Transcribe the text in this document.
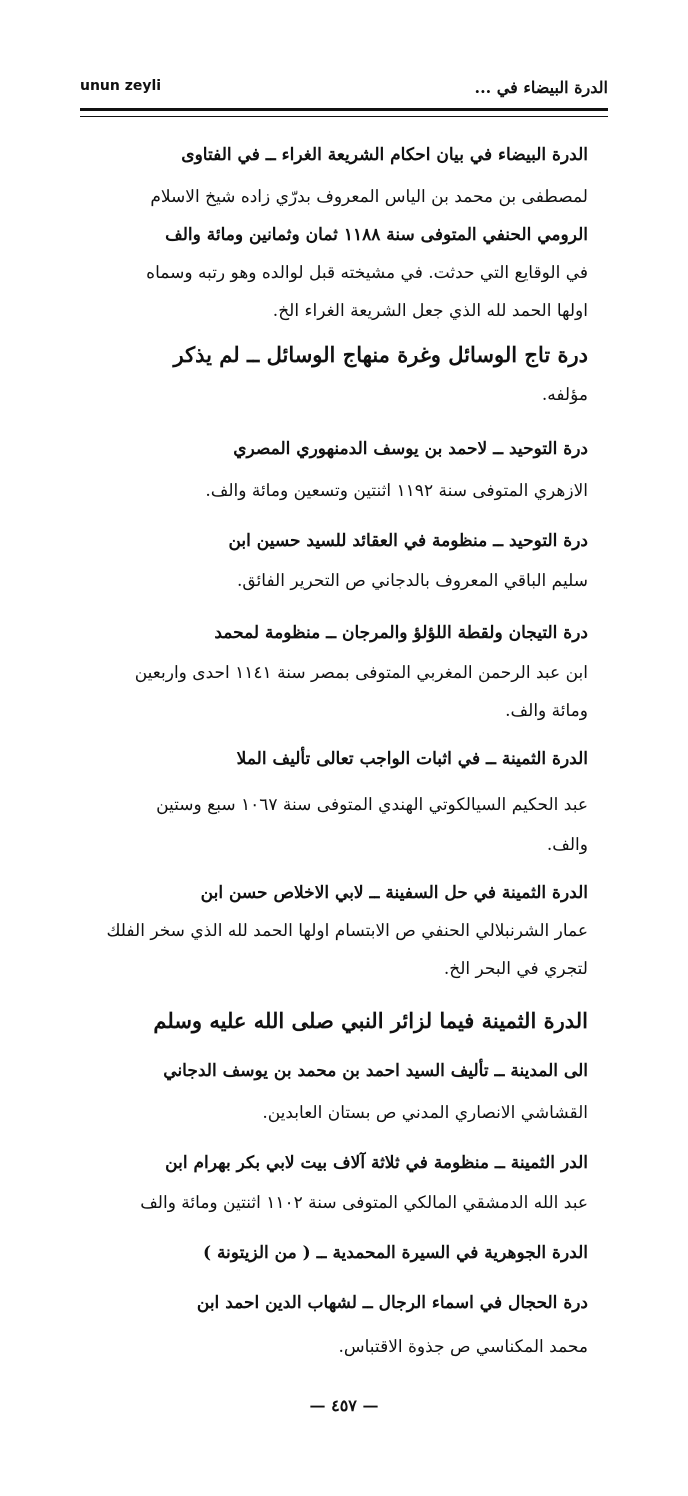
unun zeyli	الدرة البيضاء في ...
الدرة البيضاء في بيان احكام الشريعة الغراء ــ في الفتاوى
لمصطفى بن محمد بن الياس المعروف بدرّي زاده شيخ الاسلام
الرومي الحنفي المتوفى سنة ١١٨٨ ثمان وثمانين ومائة والف
في الوقايع التي حدثت. في مشيخته قبل لوالده وهو رتبه وسماه
اولها الحمد لله الذي جعل الشريعة الغراء الخ.
درة تاج الوسائل وغرة منهاج الوسائل ــ لم يذكر
مؤلفه.
درة التوحيد ــ لاحمد بن يوسف الدمنهوري المصري
الازهري المتوفى سنة ١١٩٢ اثنتين وتسعين ومائة والف.
درة التوحيد ــ منظومة في العقائد للسيد حسين ابن
سليم الباقي المعروف بالدجاني ص التحرير الفائق.
درة التيجان ولقطة اللؤلؤ والمرجان ــ منظومة لمحمد
ابن عبد الرحمن المغربي المتوفى بمصر سنة ١١٤١ احدى واربعين
ومائة والف.
الدرة الثمينة ــ في اثبات الواجب تعالى تأليف الملا
عبد الحكيم السيالكوتي الهندي المتوفى سنة ١٠٦٧ سبع وستين
والف.
الدرة الثمينة في حل السفينة ــ لابي الاخلاص حسن ابن
عمار الشرنبلالي الحنفي ص الابتسام اولها الحمد لله الذي سخر الفلك
لتجري في البحر الخ.
الدرة الثمينة فيما لزائر النبي صلى الله عليه وسلم
الى المدينة ــ تأليف السيد احمد بن محمد بن يوسف الدجاني
القشاشي الانصاري المدني ص بستان العابدين.
الدر الثمينة ــ منظومة في ثلاثة آلاف بيت لابي بكر بهرام ابن
عبد الله الدمشقي المالكي المتوفى سنة ١١٠٢ اثنتين ومائة والف
الدرة الجوهرية في السيرة المحمدية ــ ( من الزيتونة )
درة الحجال في اسماء الرجال ــ لشهاب الدين احمد ابن
محمد المكناسي ص جذوة الاقتباس.
— ٤٥٧ —
